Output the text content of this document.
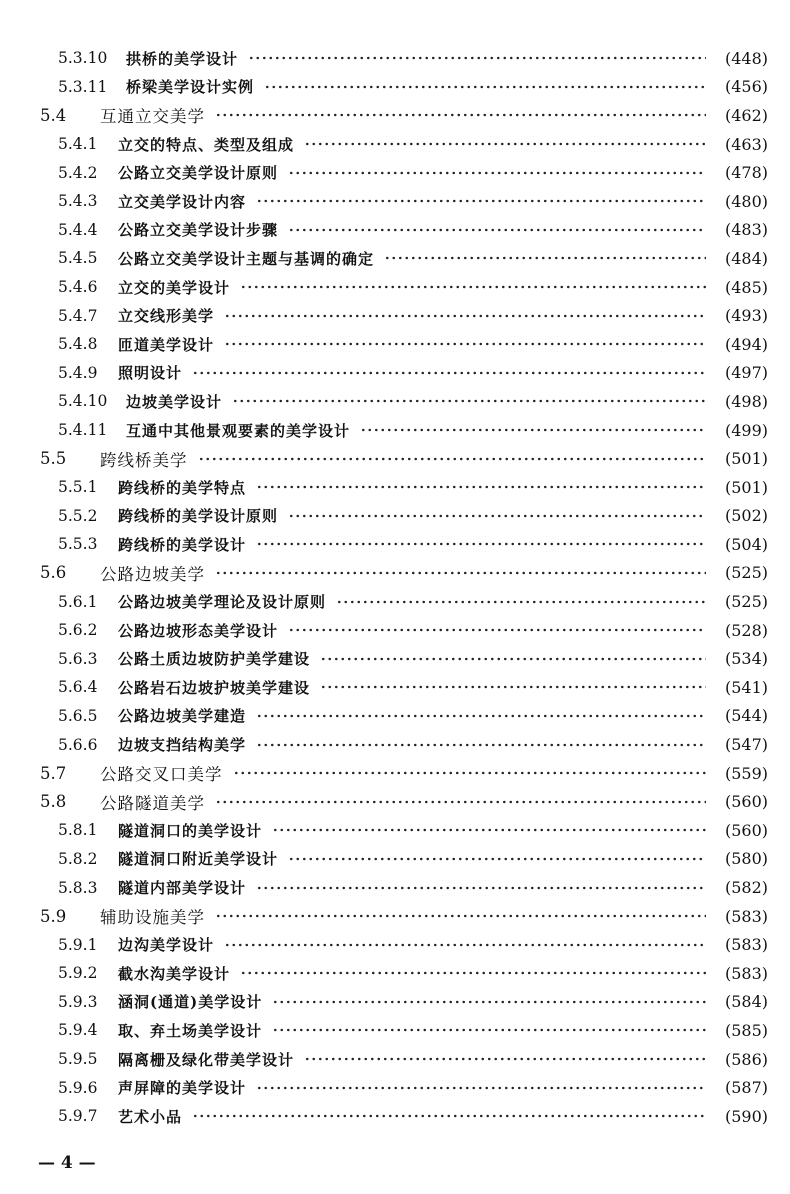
5.3.10	拱桥的美学设计	(448)
5.3.11	桥梁美学设计实例	(456)
5.4	互通立交美学	(462)
5.4.1	立交的特点、类型及组成	(463)
5.4.2	公路立交美学设计原则	(478)
5.4.3	立交美学设计内容	(480)
5.4.4	公路立交美学设计步骤	(483)
5.4.5	公路立交美学设计主题与基调的确定	(484)
5.4.6	立交的美学设计	(485)
5.4.7	立交线形美学	(493)
5.4.8	匝道美学设计	(494)
5.4.9	照明设计	(497)
5.4.10	边坡美学设计	(498)
5.4.11	互通中其他景观要素的美学设计	(499)
5.5	跨线桥美学	(501)
5.5.1	跨线桥的美学特点	(501)
5.5.2	跨线桥的美学设计原则	(502)
5.5.3	跨线桥的美学设计	(504)
5.6	公路边坡美学	(525)
5.6.1	公路边坡美学理论及设计原则	(525)
5.6.2	公路边坡形态美学设计	(528)
5.6.3	公路土质边坡防护美学建设	(534)
5.6.4	公路岩石边坡护坡美学建设	(541)
5.6.5	公路边坡美学建造	(544)
5.6.6	边坡支挡结构美学	(547)
5.7	公路交叉口美学	(559)
5.8	公路隧道美学	(560)
5.8.1	隧道洞口的美学设计	(560)
5.8.2	隧道洞口附近美学设计	(580)
5.8.3	隧道内部美学设计	(582)
5.9	辅助设施美学	(583)
5.9.1	边沟美学设计	(583)
5.9.2	截水沟美学设计	(583)
5.9.3	涵洞(通道)美学设计	(584)
5.9.4	取、弃土场美学设计	(585)
5.9.5	隔离栅及绿化带美学设计	(586)
5.9.6	声屏障的美学设计	(587)
5.9.7	艺术小品	(590)
— 4 —
